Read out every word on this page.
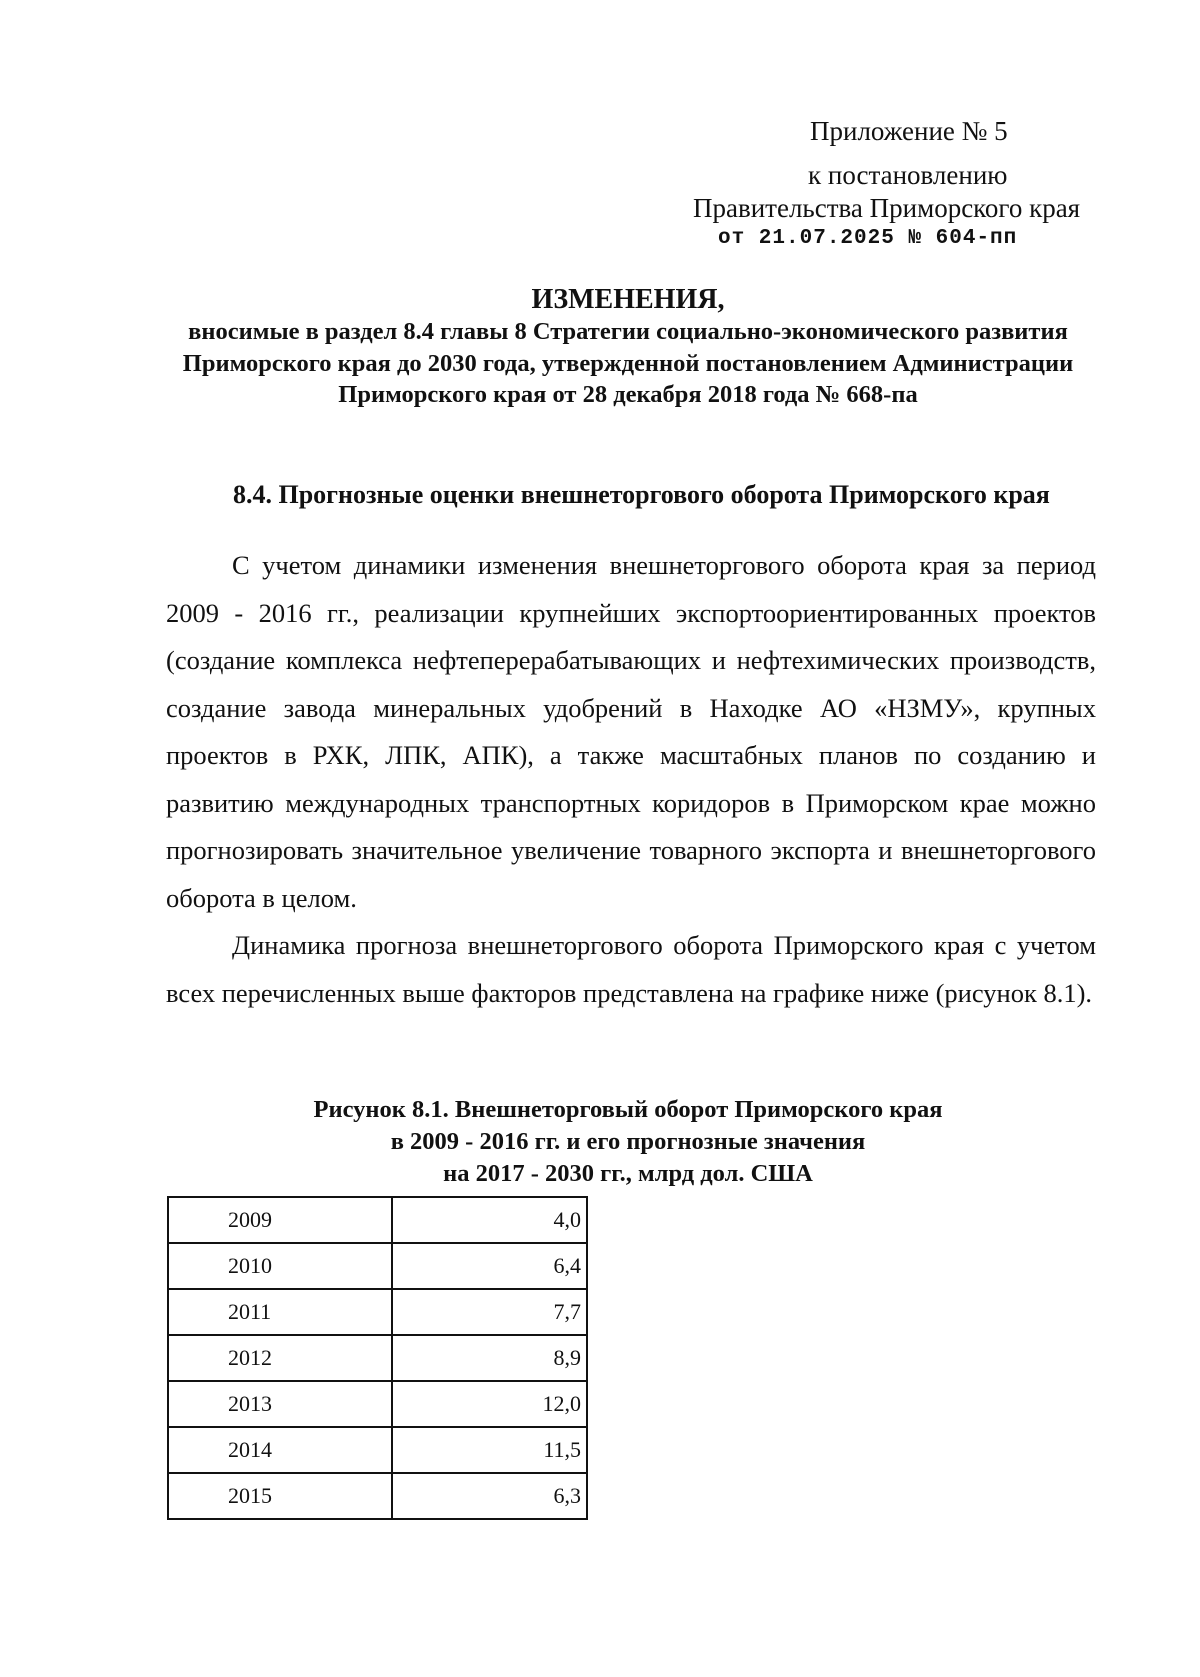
Приложение № 5
к постановлению
Правительства Приморского края
от 21.07.2025 № 604-пп
ИЗМЕНЕНИЯ,
вносимые в раздел 8.4 главы 8 Стратегии социально-экономического развития Приморского края до 2030 года, утвержденной постановлением Администрации Приморского края от 28 декабря 2018 года № 668-па
8.4. Прогнозные оценки внешнеторгового оборота Приморского края
С учетом динамики изменения внешнеторгового оборота края за период 2009 - 2016 гг., реализации крупнейших экспортоориентированных проектов (создание комплекса нефтеперерабатывающих и нефтехимических производств, создание завода минеральных удобрений в Находке АО «НЗМУ», крупных проектов в РХК, ЛПК, АПК), а также масштабных планов по созданию и развитию международных транспортных коридоров в Приморском крае можно прогнозировать значительное увеличение товарного экспорта и внешнеторгового оборота в целом.
Динамика прогноза внешнеторгового оборота Приморского края с учетом всех перечисленных выше факторов представлена на графике ниже (рисунок 8.1).
Рисунок 8.1. Внешнеторговый оборот Приморского края
в 2009 - 2016 гг. и его прогнозные значения
на 2017 - 2030 гг., млрд дол. США
2009	4,0
2010	6,4
2011	7,7
2012	8,9
2013	12,0
2014	11,5
2015	6,3
